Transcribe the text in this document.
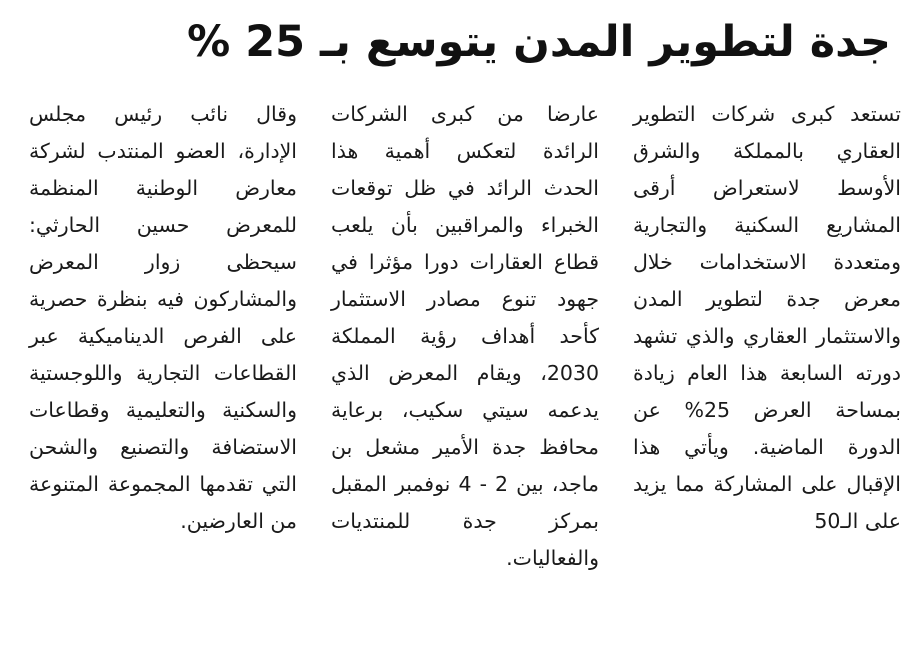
جدة لتطوير المدن يتوسع بـ 25 %

تستعد كبرى شركات التطوير العقاري بالمملكة والشرق الأوسط لاستعراض أرقى المشاريع السكنية والتجارية ومتعددة الاستخدامات خلال معرض جدة لتطوير المدن والاستثمار العقاري والذي تشهد دورته السابعة هذا العام زيادة بمساحة العرض 25% عن الدورة الماضية. ويأتي هذا الإقبال على المشاركة مما يزيد على الـ50

عارضا من كبرى الشركات الرائدة لتعكس أهمية هذا الحدث الرائد في ظل توقعات الخبراء والمراقبين بأن يلعب قطاع العقارات دورا مؤثرا في جهود تنوع مصادر الاستثمار كأحد أهداف رؤية المملكة 2030، ويقام المعرض الذي يدعمه سيتي سكيب، برعاية محافظ جدة الأمير مشعل بن ماجد، بين 2 - 4 نوفمبر المقبل بمركز جدة للمنتديات والفعاليات.

وقال نائب رئيس مجلس الإدارة، العضو المنتدب لشركة معارض الوطنية المنظمة للمعرض حسين الحارثي: سيحظى زوار المعرض والمشاركون فيه بنظرة حصرية على الفرص الديناميكية عبر القطاعات التجارية واللوجستية والسكنية والتعليمية وقطاعات الاستضافة والتصنيع والشحن التي تقدمها المجموعة المتنوعة من العارضين.
